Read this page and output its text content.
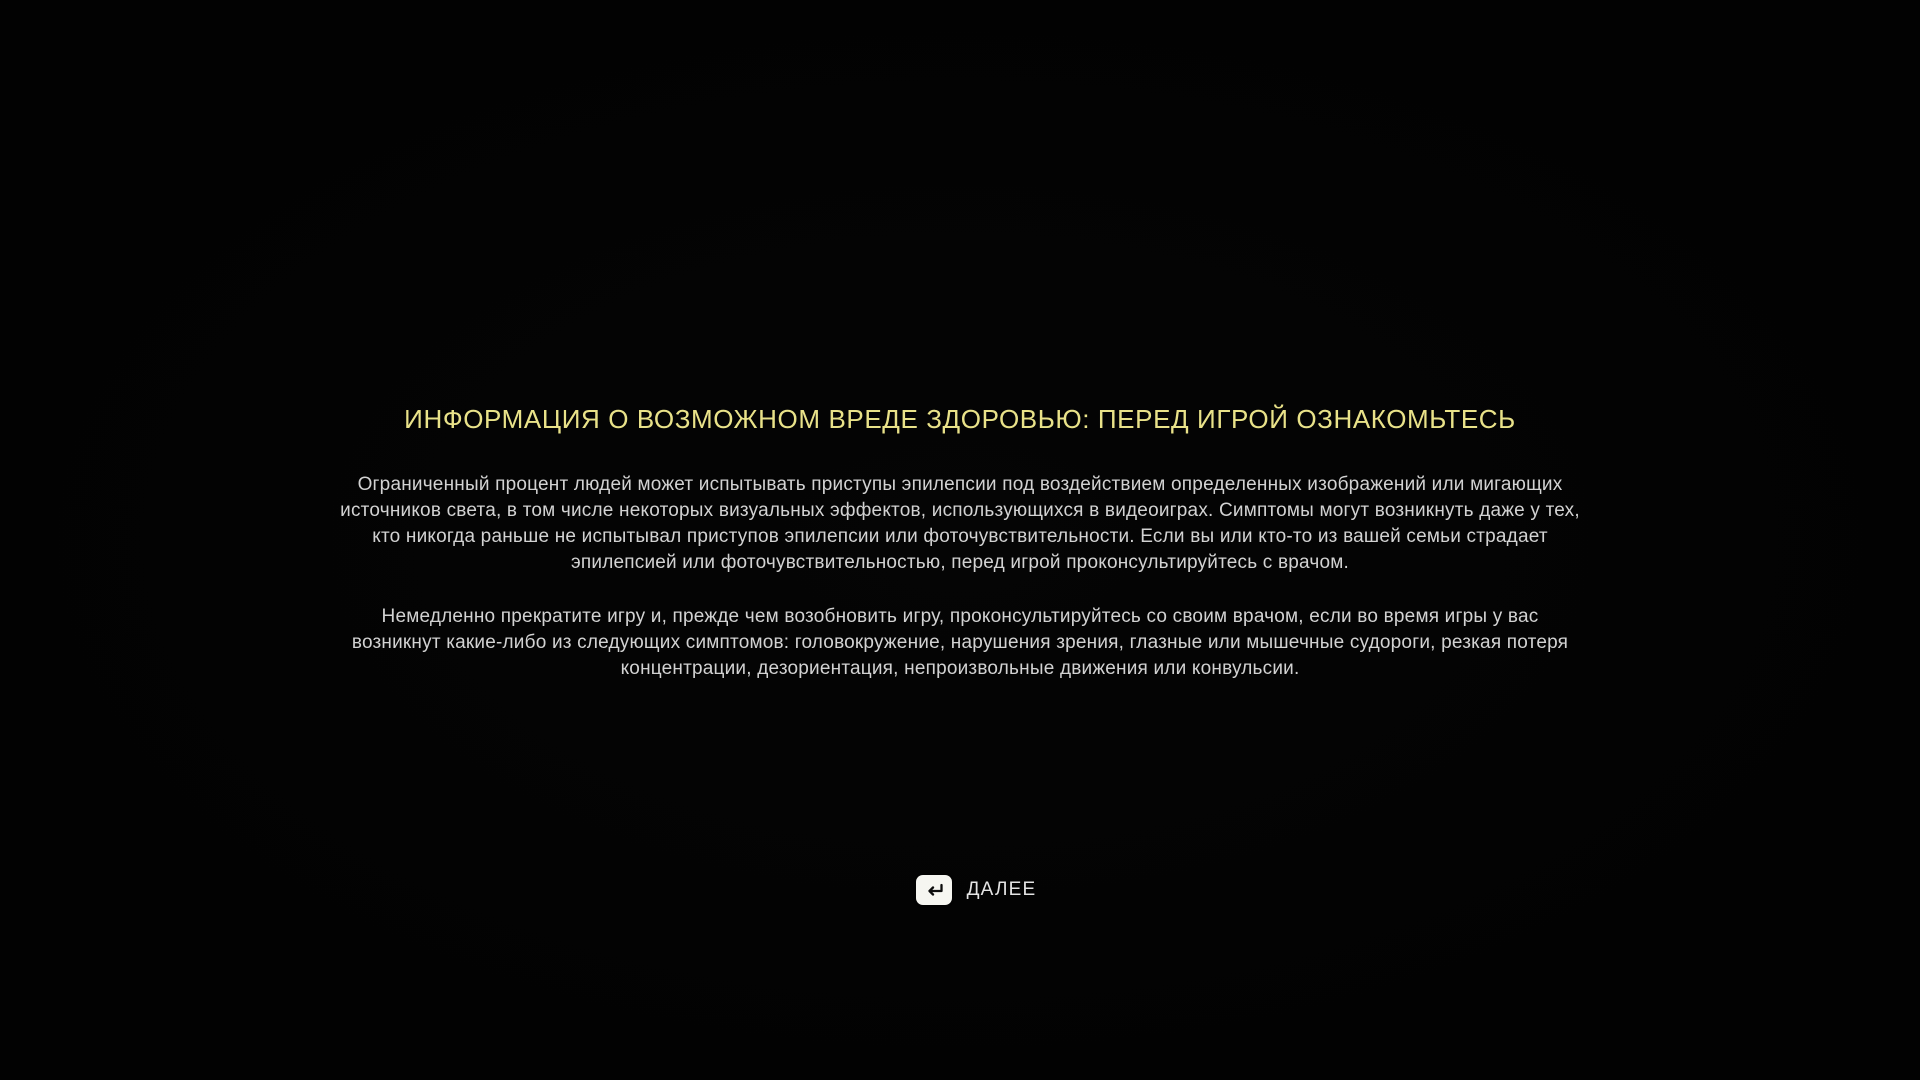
ИНФОРМАЦИЯ О ВОЗМОЖНОМ ВРЕДЕ ЗДОРОВЬЮ: ПЕРЕД ИГРОЙ ОЗНАКОМЬТЕСЬ
Ограниченный процент людей может испытывать приступы эпилепсии под воздействием определенных изображений или мигающих
источников света, в том числе некоторых визуальных эффектов, использующихся в видеоиграх. Симптомы могут возникнуть даже у тех,
кто никогда раньше не испытывал приступов эпилепсии или фоточувствительности. Если вы или кто-то из вашей семьи страдает
эпилепсией или фоточувствительностью, перед игрой проконсультируйтесь с врачом.
Немедленно прекратите игру и, прежде чем возобновить игру, проконсультируйтесь со своим врачом, если во время игры у вас
возникнут какие-либо из следующих симптомов: головокружение, нарушения зрения, глазные или мышечные судороги, резкая потеря
концентрации, дезориентация, непроизвольные движения или конвульсии.
ДАЛЕЕ
